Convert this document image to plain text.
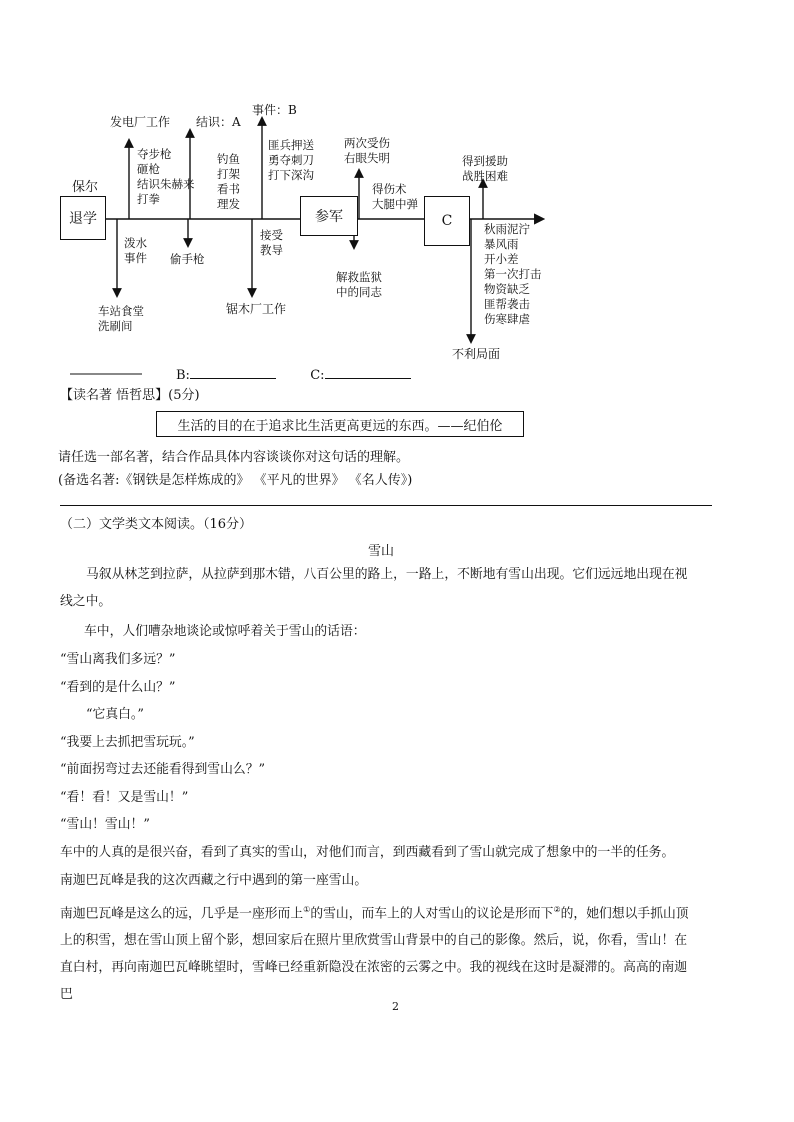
退学	参军	C
保尔
发电厂工作 结识：A
事件：B
两次受伤
右眼失明	得到援助
战胜困难
夺步枪
砸枪
结识朱赫来
打拳
钓鱼
打架
看书
理发
匪兵押送
勇夺刺刀
打下深沟
得伤术
大腿中弹
泼水
事件 偷手枪
接受
教导
秋雨泥泞
暴风雨
开小差
第一次打击
物资缺乏
匪帮袭击
伤寒肆虐
车站食堂
洗刷间
锯木厂工作
解救监狱
中的同志
不利局面
B:	C:
【读名著 悟哲思】(5分)
生活的目的在于追求比生活更高更远的东西。——纪伯伦
请任选一部名著，结合作品具体内容谈谈你对这句话的理解。
(备选名著:《钢铁是怎样炼成的》 《平凡的世界》 《名人传》)
（二）文学类文本阅读。（16分）
雪山
马叙从林芝到拉萨，从拉萨到那木错，八百公里的路上，一路上，不断地有雪山出现。它们远远地出现在视线之中。
车中，人们嘈杂地谈论或惊呼着关于雪山的话语：
“雪山离我们多远？”
“看到的是什么山？”
“它真白。”
“我要上去抓把雪玩玩。”
“前面拐弯过去还能看得到雪山么？”
“看！看！又是雪山！”
“雪山！雪山！”
车中的人真的是很兴奋，看到了真实的雪山，对他们而言，到西藏看到了雪山就完成了想象中的一半的任务。
南迦巴瓦峰是我的这次西藏之行中遇到的第一座雪山。
南迦巴瓦峰是这么的远，几乎是一座形而上①的雪山，而车上的人对雪山的议论是形而下②的，她们想以手抓山顶上的积雪，想在雪山顶上留个影，想回家后在照片里欣赏雪山背景中的自己的影像。然后，说，你看，雪山！在直白村，再向南迦巴瓦峰眺望时，雪峰已经重新隐没在浓密的云雾之中。我的视线在这时是凝滞的。高高的南迦巴
2
